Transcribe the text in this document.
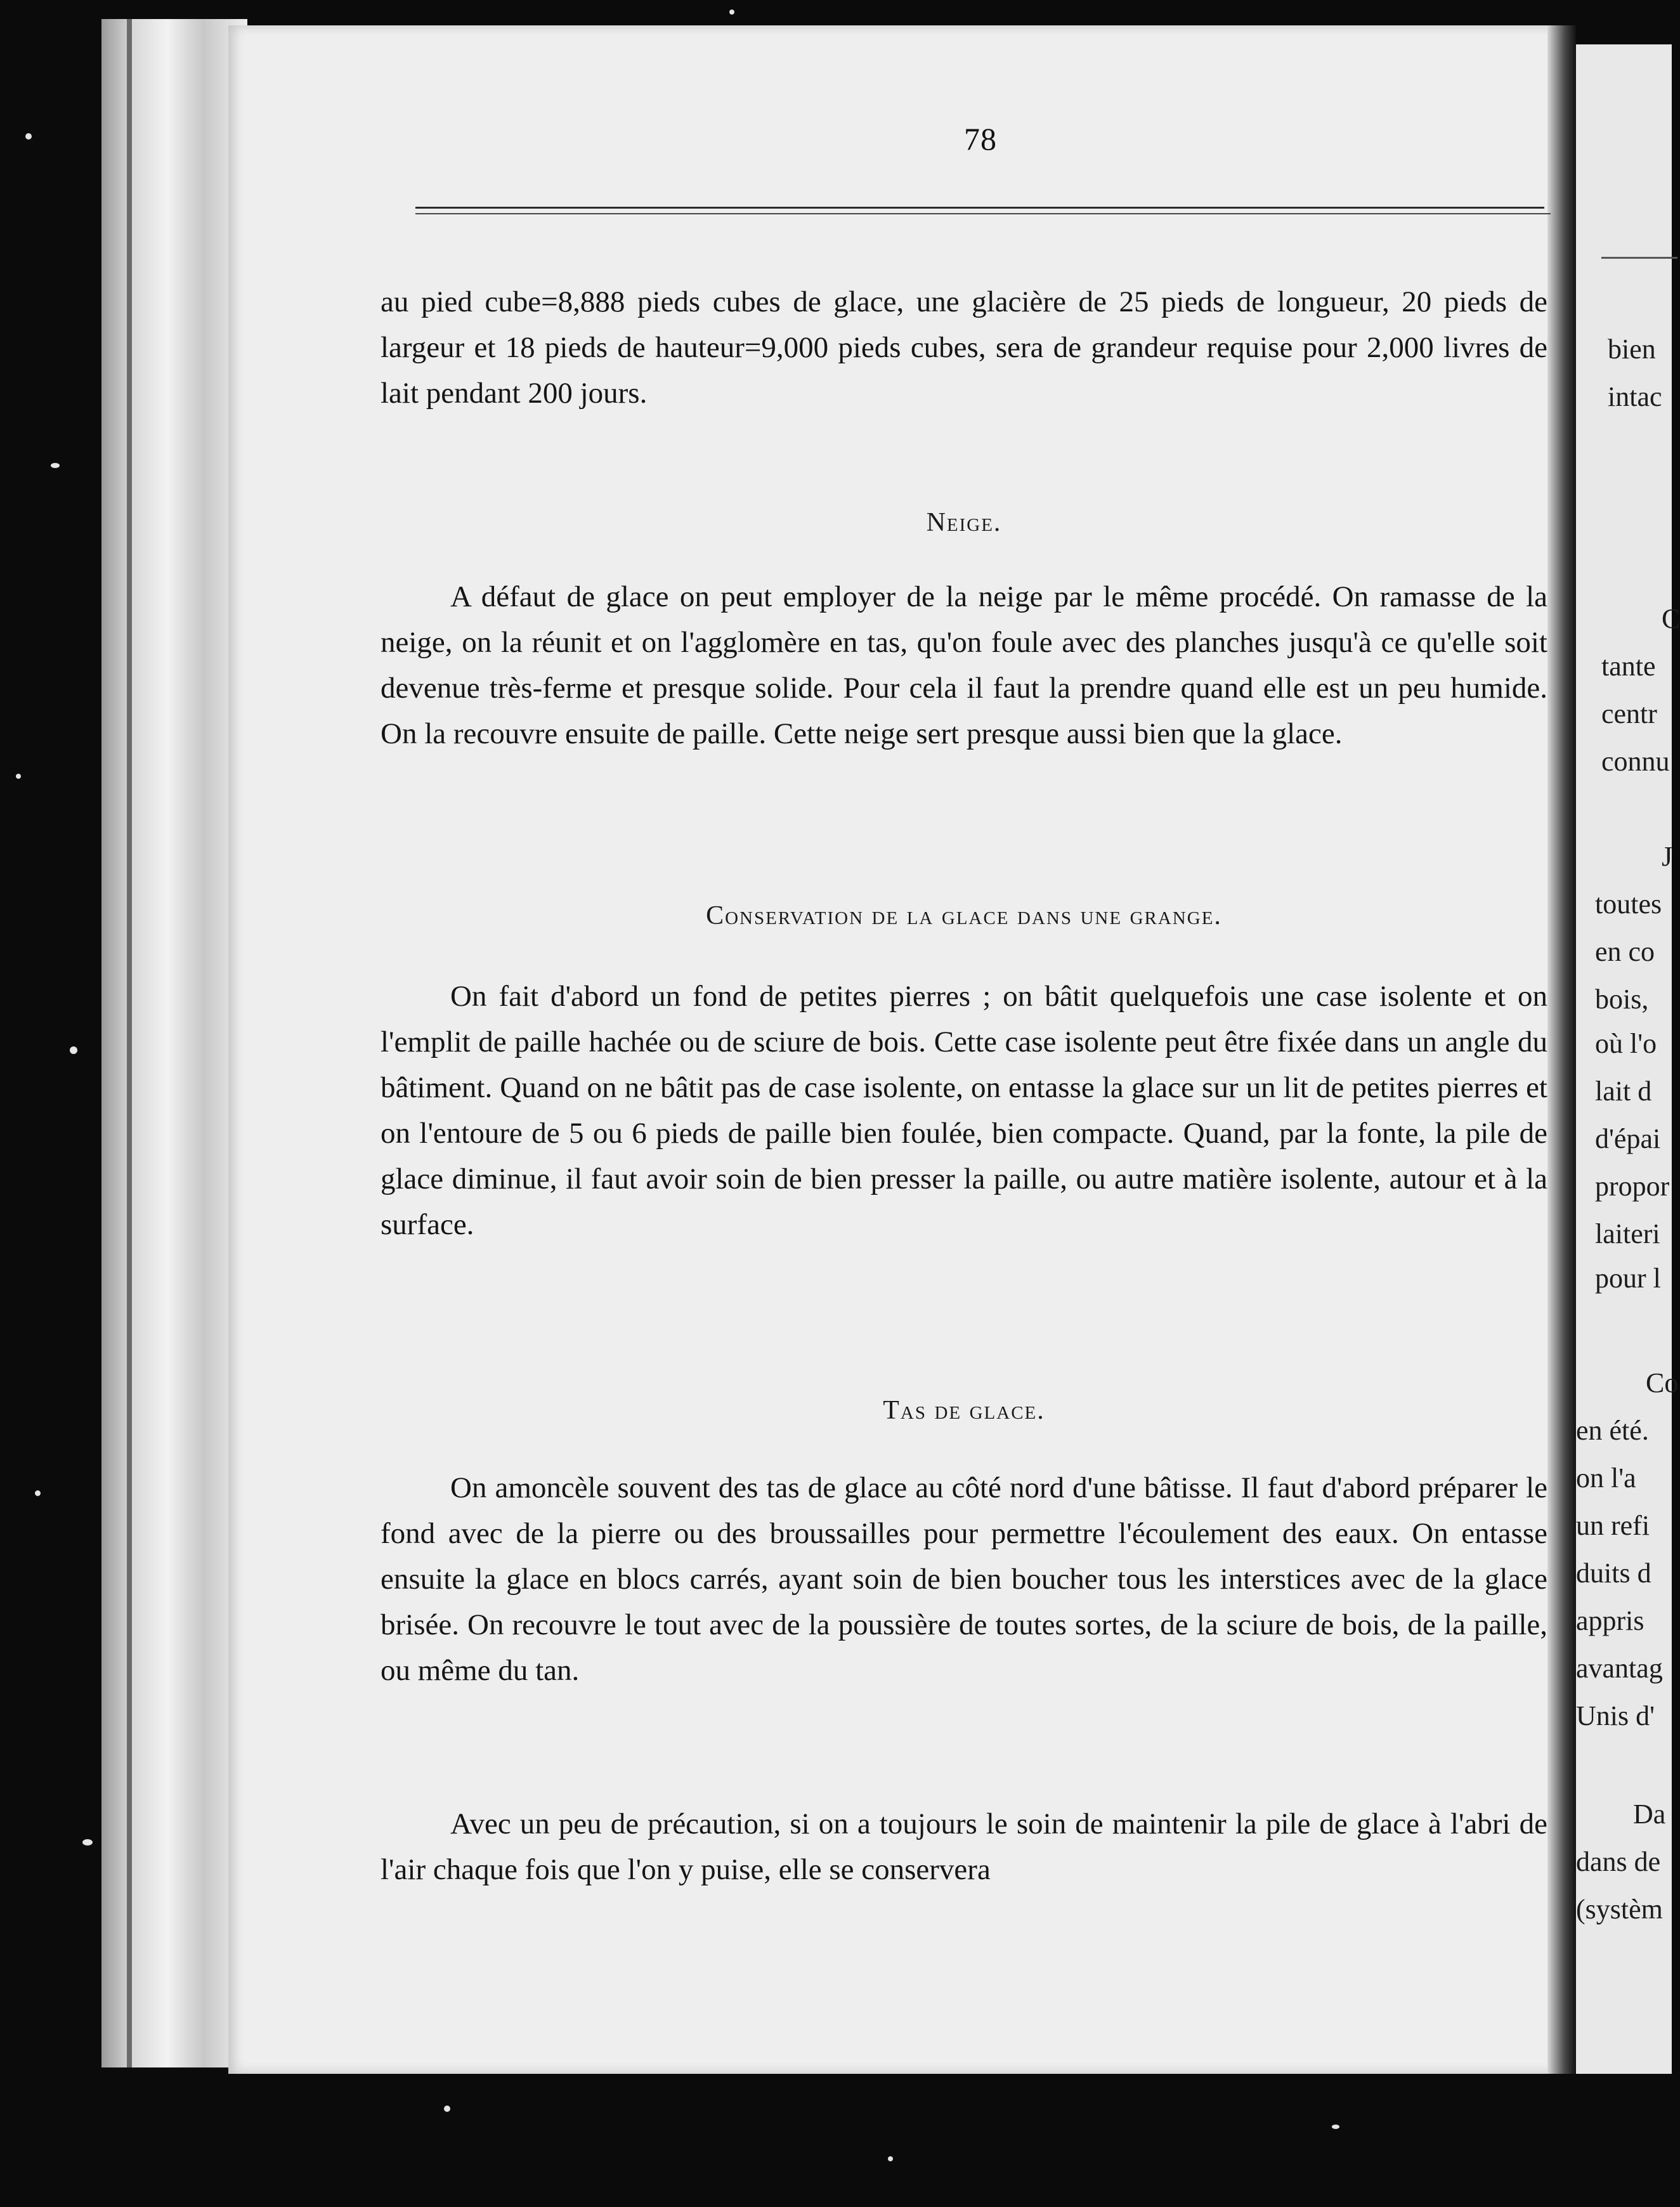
bien
intac
C
tante
centr
connu
J
toutes
en co
bois,
où l'o
lait d
d'épai
propor
laiteri
pour l
Co
en été.
on l'a
un refi
duits d
appris
avantag
Unis d'
Da
dans de
(systèm
78

au pied cube=8,888 pieds cubes de glace, une glacière de 25 pieds de longueur, 20 pieds de largeur et 18 pieds de hauteur=9,000 pieds cubes, sera de grandeur requise pour 2,000 livres de lait pendant 200 jours.

Neige.

A défaut de glace on peut employer de la neige par le même procédé. On ramasse de la neige, on la réunit et on l'agglomère en tas, qu'on foule avec des planches jusqu'à ce qu'elle soit devenue très-ferme et presque solide. Pour cela il faut la prendre quand elle est un peu humide. On la recouvre ensuite de paille. Cette neige sert presque aussi bien que la glace.

Conservation de la glace dans une grange.

On fait d'abord un fond de petites pierres ; on bâtit quelquefois une case isolente et on l'emplit de paille hachée ou de sciure de bois. Cette case isolente peut être fixée dans un angle du bâtiment. Quand on ne bâtit pas de case isolente, on entasse la glace sur un lit de petites pierres et on l'entoure de 5 ou 6 pieds de paille bien foulée, bien compacte. Quand, par la fonte, la pile de glace diminue, il faut avoir soin de bien presser la paille, ou autre matière isolente, autour et à la surface.

Tas de glace.

On amoncèle souvent des tas de glace au côté nord d'une bâtisse. Il faut d'abord préparer le fond avec de la pierre ou des broussailles pour permettre l'écoulement des eaux. On entasse ensuite la glace en blocs carrés, ayant soin de bien boucher tous les interstices avec de la glace brisée. On recouvre le tout avec de la poussière de toutes sortes, de la sciure de bois, de la paille, ou même du tan.

Avec un peu de précaution, si on a toujours le soin de maintenir la pile de glace à l'abri de l'air chaque fois que l'on y puise, elle se conservera
